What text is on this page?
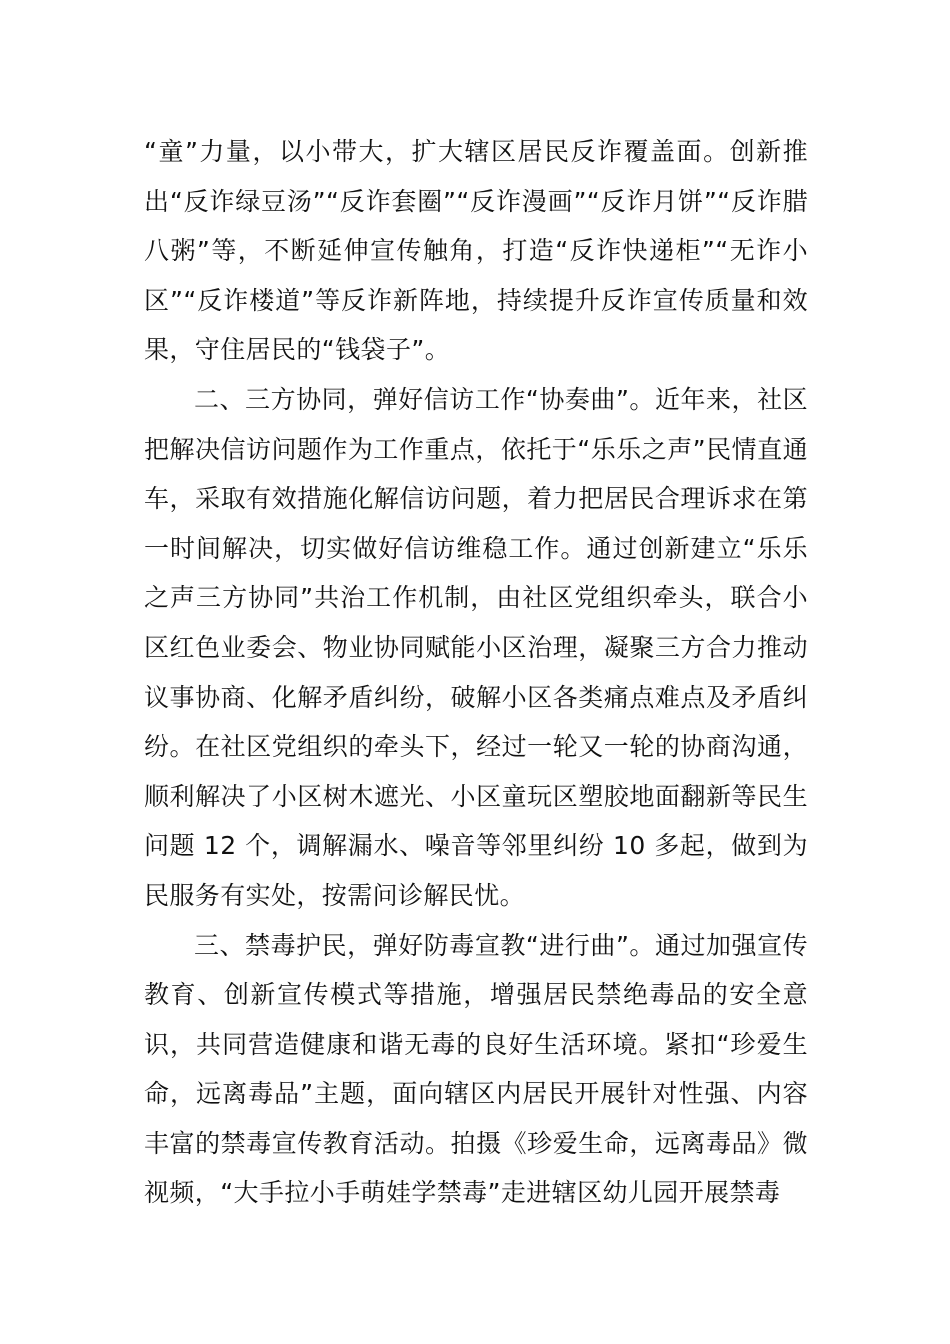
“童”力量，以小带大，扩大辖区居民反诈覆盖面。创新推出“反诈绿豆汤”“反诈套圈”“反诈漫画”“反诈月饼”“反诈腊八粥”等，不断延伸宣传触角，打造“反诈快递柜”“无诈小区”“反诈楼道”等反诈新阵地，持续提升反诈宣传质量和效果，守住居民的“钱袋子”。

二、三方协同，弹好信访工作“协奏曲”。近年来，社区把解决信访问题作为工作重点，依托于“乐乐之声”民情直通车，采取有效措施化解信访问题，着力把居民合理诉求在第一时间解决，切实做好信访维稳工作。通过创新建立“乐乐之声三方协同”共治工作机制，由社区党组织牵头，联合小区红色业委会、物业协同赋能小区治理，凝聚三方合力推动议事协商、化解矛盾纠纷，破解小区各类痛点难点及矛盾纠纷。在社区党组织的牵头下，经过一轮又一轮的协商沟通，顺利解决了小区树木遮光、小区童玩区塑胶地面翻新等民生问题 12 个，调解漏水、噪音等邻里纠纷 10 多起，做到为民服务有实处，按需问诊解民忧。

三、禁毒护民，弹好防毒宣教“进行曲”。通过加强宣传教育、创新宣传模式等措施，增强居民禁绝毒品的安全意识，共同营造健康和谐无毒的良好生活环境。紧扣“珍爱生命，远离毒品”主题，面向辖区内居民开展针对性强、内容丰富的禁毒宣传教育活动。拍摄《珍爱生命，远离毒品》微视频，“大手拉小手萌娃学禁毒”走进辖区幼儿园开展禁毒
